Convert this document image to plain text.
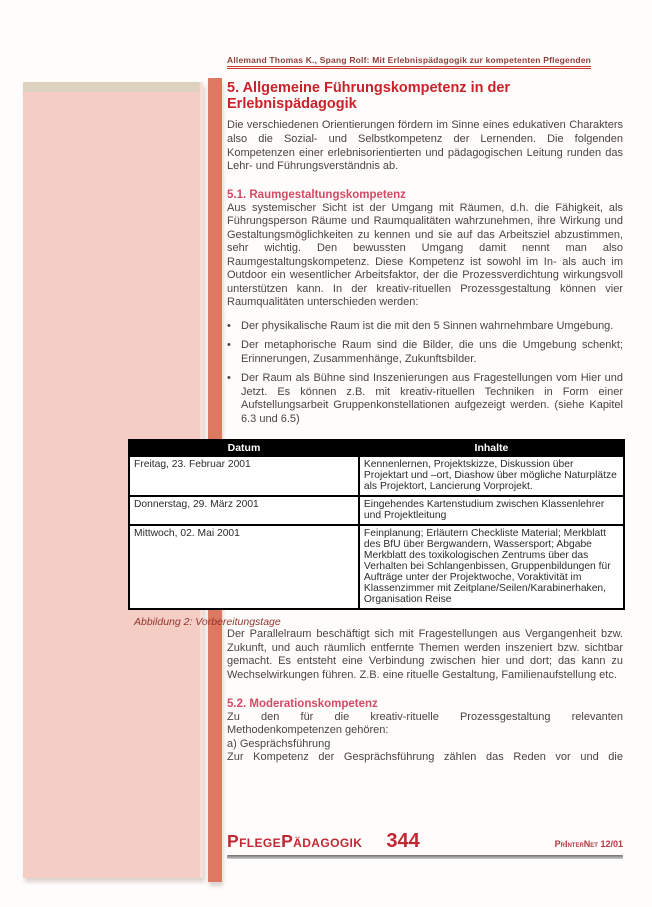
Allemand Thomas K., Spang Rolf: Mit Erlebnispädagogik zur kompetenten Pflegenden
5. Allgemeine Führungskompetenz in der Erlebnispädagogik

Die verschiedenen Orientierungen fördern im Sinne eines edukativen Charakters also die Sozial- und Selbstkompetenz der Lernenden. Die folgenden Kompetenzen einer erlebnisorientierten und pädagogischen Leitung runden das Lehr- und Führungsverständnis ab.

5.1. Raumgestaltungskompetenz

Aus systemischer Sicht ist der Umgang mit Räumen, d.h. die Fähigkeit, als Führungsperson Räume und Raumqualitäten wahrzunehmen, ihre Wirkung und Gestaltungsmöglichkeiten zu kennen und sie auf das Arbeitsziel abzustimmen, sehr wichtig. Den bewussten Umgang damit nennt man also Raumgestaltungskompetenz. Diese Kompetenz ist sowohl im In- als auch im Outdoor ein wesentlicher Arbeitsfaktor, der die Prozessverdichtung wirkungsvoll unterstützen kann. In der kreativ-rituellen Prozessgestaltung können vier Raumqualitäten unterschieden werden:

• Der physikalische Raum ist die mit den 5 Sinnen wahrnehmbare Umgebung.
• Der metaphorische Raum sind die Bilder, die uns die Umgebung schenkt; Erinnerungen, Zusammenhänge, Zukunftsbilder.
• Der Raum als Bühne sind Inszenierungen aus Fragestellungen vom Hier und Jetzt. Es können z.B. mit kreativ-rituellen Techniken in Form einer Aufstellungsarbeit Gruppenkonstellationen aufgezeigt werden. (siehe Kapitel 6.3 und 6.5)
Datum	Inhalte
Freitag, 23. Februar 2001	Kennenlernen, Projektskizze, Diskussion über Projektart und –ort, Diashow über mögliche Naturplätze als Projektort, Lancierung Vorprojekt.
Donnerstag, 29. März 2001	Eingehendes Kartenstudium zwischen Klassenlehrer und Projektleitung
Mittwoch, 02. Mai 2001	Feinplanung; Erläutern Checkliste Material; Merkblatt des BfU über Bergwandern, Wassersport; Abgabe Merkblatt des toxikologischen Zentrums über das Verhalten bei Schlangenbissen, Gruppenbildungen für Aufträge unter der Projektwoche, Voraktivität im Klassenzimmer mit Zeitplane/Seilen/Karabinerhaken, Organisation Reise
Abbildung 2: Vorbereitungstage

Der Parallelraum beschäftigt sich mit Fragestellungen aus Vergangenheit bzw. Zukunft, und auch räumlich entfernte Themen werden inszeniert bzw. sichtbar gemacht. Es entsteht eine Verbindung zwischen hier und dort; das kann zu Wechselwirkungen führen. Z.B. eine rituelle Gestaltung, Familienaufstellung etc.

5.2. Moderationskompetenz

Zu den für die kreativ-rituelle Prozessgestaltung relevanten Methodenkompetenzen gehören:

a) Gesprächsführung

Zur Kompetenz der Gesprächsführung zählen das Reden vor und die

PflegePädagogik 344	PrInterNet 12/01
